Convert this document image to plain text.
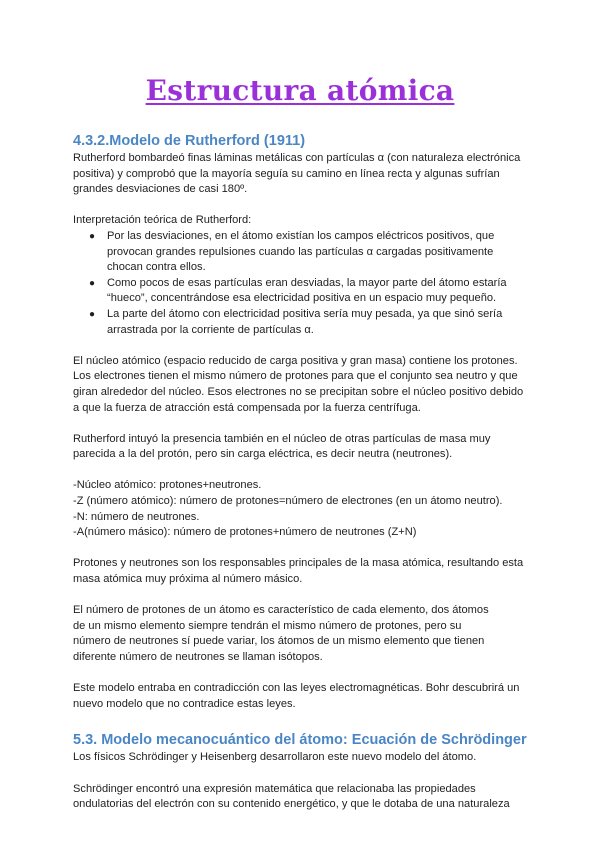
Estructura atómica
4.3.2.Modelo de Rutherford (1911)

Rutherford bombardeó finas láminas metálicas con partículas α (con naturaleza electrónica
positiva) y comprobó que la mayoría seguía su camino en línea recta y algunas sufrían
grandes desviaciones de casi 180º.

Interpretación teórica de Rutherford:

● Por las desviaciones, en el átomo existían los campos eléctricos positivos, que
provocan grandes repulsiones cuando las partículas α cargadas positivamente
chocan contra ellos.
● Como pocos de esas partículas eran desviadas, la mayor parte del átomo estaría
“hueco”, concentrándose esa electricidad positiva en un espacio muy pequeño.
● La parte del átomo con electricidad positiva sería muy pesada, ya que sinó sería
arrastrada por la corriente de partículas α.

El núcleo atómico (espacio reducido de carga positiva y gran masa) contiene los protones.
Los electrones tienen el mismo número de protones para que el conjunto sea neutro y que
giran alrededor del núcleo. Esos electrones no se precipitan sobre el núcleo positivo debido
a que la fuerza de atracción está compensada por la fuerza centrífuga.

Rutherford intuyó la presencia también en el núcleo de otras partículas de masa muy
parecida a la del protón, pero sin carga eléctrica, es decir neutra (neutrones).

-Núcleo atómico: protones+neutrones.
-Z (número atómico): número de protones=número de electrones (en un átomo neutro).
-N: número de neutrones.
-A(número másico): número de protones+número de neutrones (Z+N)

Protones y neutrones son los responsables principales de la masa atómica, resultando esta
masa atómica muy próxima al número másico.

El número de protones de un átomo es característico de cada elemento, dos átomos
de un mismo elemento siempre tendrán el mismo número de protones, pero su
número de neutrones sí puede variar, los átomos de un mismo elemento que tienen
diferente número de neutrones se llaman isótopos.

Este modelo entraba en contradicción con las leyes electromagnéticas. Bohr descubrirá un
nuevo modelo que no contradice estas leyes.

5.3. Modelo mecanocuántico del átomo: Ecuación de Schrödinger

Los físicos Schrödinger y Heisenberg desarrollaron este nuevo modelo del átomo.

Schrödinger encontró una expresión matemática que relacionaba las propiedades
ondulatorias del electrón con su contenido energético, y que le dotaba de una naturaleza
